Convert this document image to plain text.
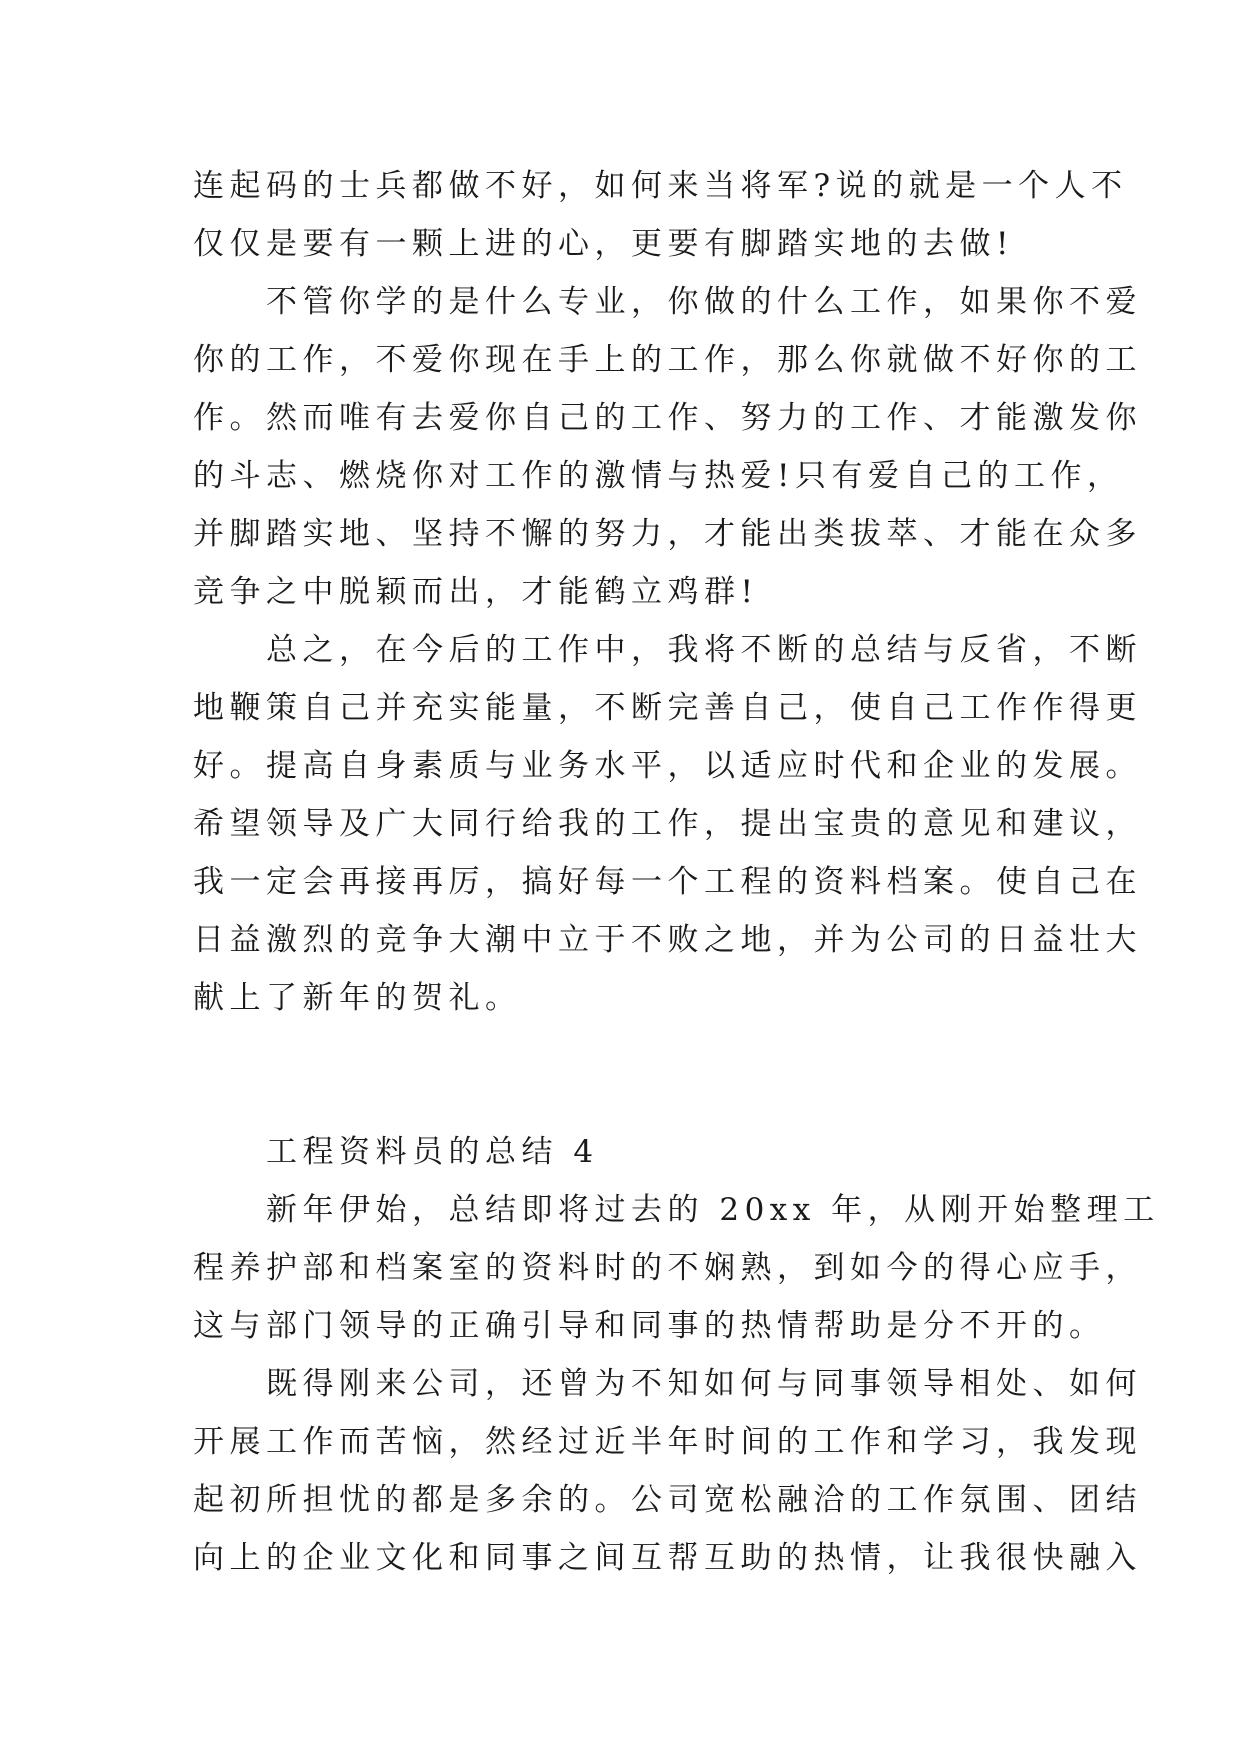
连起码的士兵都做不好，如何来当将军?说的就是一个人不
仅仅是要有一颗上进的心，更要有脚踏实地的去做!
　　不管你学的是什么专业，你做的什么工作，如果你不爱
你的工作，不爱你现在手上的工作，那么你就做不好你的工
作。然而唯有去爱你自己的工作、努力的工作、才能激发你
的斗志、燃烧你对工作的激情与热爱!只有爱自己的工作，
并脚踏实地、坚持不懈的努力，才能出类拔萃、才能在众多
竞争之中脱颖而出，才能鹤立鸡群!
　　总之，在今后的工作中，我将不断的总结与反省，不断
地鞭策自己并充实能量，不断完善自己，使自己工作作得更
好。提高自身素质与业务水平，以适应时代和企业的发展。
希望领导及广大同行给我的工作，提出宝贵的意见和建议，
我一定会再接再厉，搞好每一个工程的资料档案。使自己在
日益激烈的竞争大潮中立于不败之地，并为公司的日益壮大
献上了新年的贺礼。
　　工程资料员的总结 4
　　新年伊始，总结即将过去的 20xx 年，从刚开始整理工
程养护部和档案室的资料时的不娴熟，到如今的得心应手，
这与部门领导的正确引导和同事的热情帮助是分不开的。
　　既得刚来公司，还曾为不知如何与同事领导相处、如何
开展工作而苦恼，然经过近半年时间的工作和学习，我发现
起初所担忧的都是多余的。公司宽松融洽的工作氛围、团结
向上的企业文化和同事之间互帮互助的热情，让我很快融入
